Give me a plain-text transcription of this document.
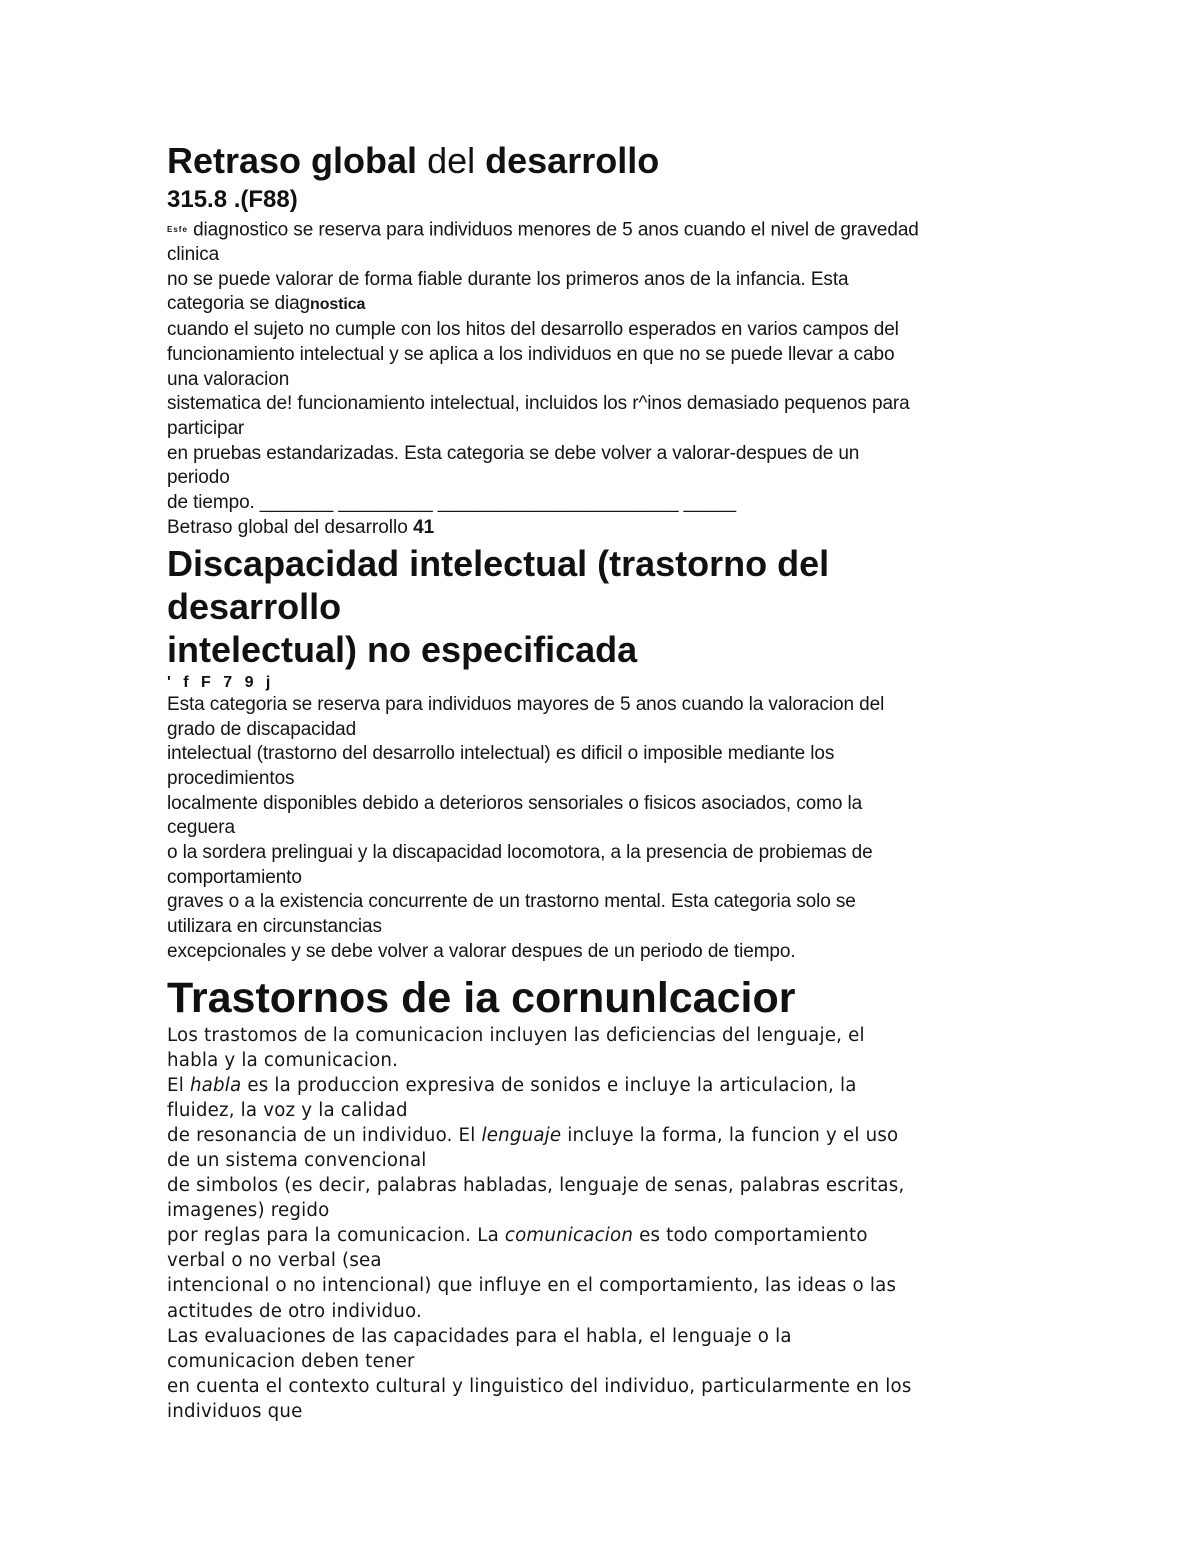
Retraso global del desarrollo
315.8 .(F88)
Esfe diagnostico se reserva para individuos menores de 5 anos cuando el nivel de gravedad
clinica
no se puede valorar de forma fiable durante los primeros anos de la infancia. Esta
categoria se diagnostica
cuando el sujeto no cumple con los hitos del desarrollo esperados en varios campos del
funcionamiento intelectual y se aplica a los individuos en que no se puede llevar a cabo
una valoracion
sistematica de! funcionamiento intelectual, incluidos los r^inos demasiado pequenos para
participar
en pruebas estandarizadas. Esta categoria se debe volver a valorar-despues de un
periodo
de tiempo. _______ _________ _______________________ _____
Betraso global del desarrollo 41
Discapacidad intelectual (trastorno del
desarrollo
intelectual) no especificada
' f F 7 9 j
Esta categoria se reserva para individuos mayores de 5 anos cuando la valoracion del
grado de discapacidad
intelectual (trastorno del desarrollo intelectual) es dificil o imposible mediante los
procedimientos
localmente disponibles debido a deterioros sensoriales o fisicos asociados, como la
ceguera
o la sordera prelinguai y la discapacidad locomotora, a la presencia de probiemas de
comportamiento
graves o a la existencia concurrente de un trastorno mental. Esta categoria solo se
utilizara en circunstancias
excepcionales y se debe volver a valorar despues de un periodo de tiempo.
Trastornos de ia cornunlcacior
Los trastomos de la comunicacion incluyen las deficiencias del lenguaje, el
habla y la comunicacion.
El habla es la produccion expresiva de sonidos e incluye la articulacion, la
fluidez, la voz y la calidad
de resonancia de un individuo. El lenguaje incluye la forma, la funcion y el uso
de un sistema convencional
de simbolos (es decir, palabras habladas, lenguaje de senas, palabras escritas,
imagenes) regido
por reglas para la comunicacion. La comunicacion es todo comportamiento
verbal o no verbal (sea
intencional o no intencional) que influye en el comportamiento, las ideas o las
actitudes de otro individuo.
Las evaluaciones de las capacidades para el habla, el lenguaje o la
comunicacion deben tener
en cuenta el contexto cultural y linguistico del individuo, particularmente en los
individuos que
